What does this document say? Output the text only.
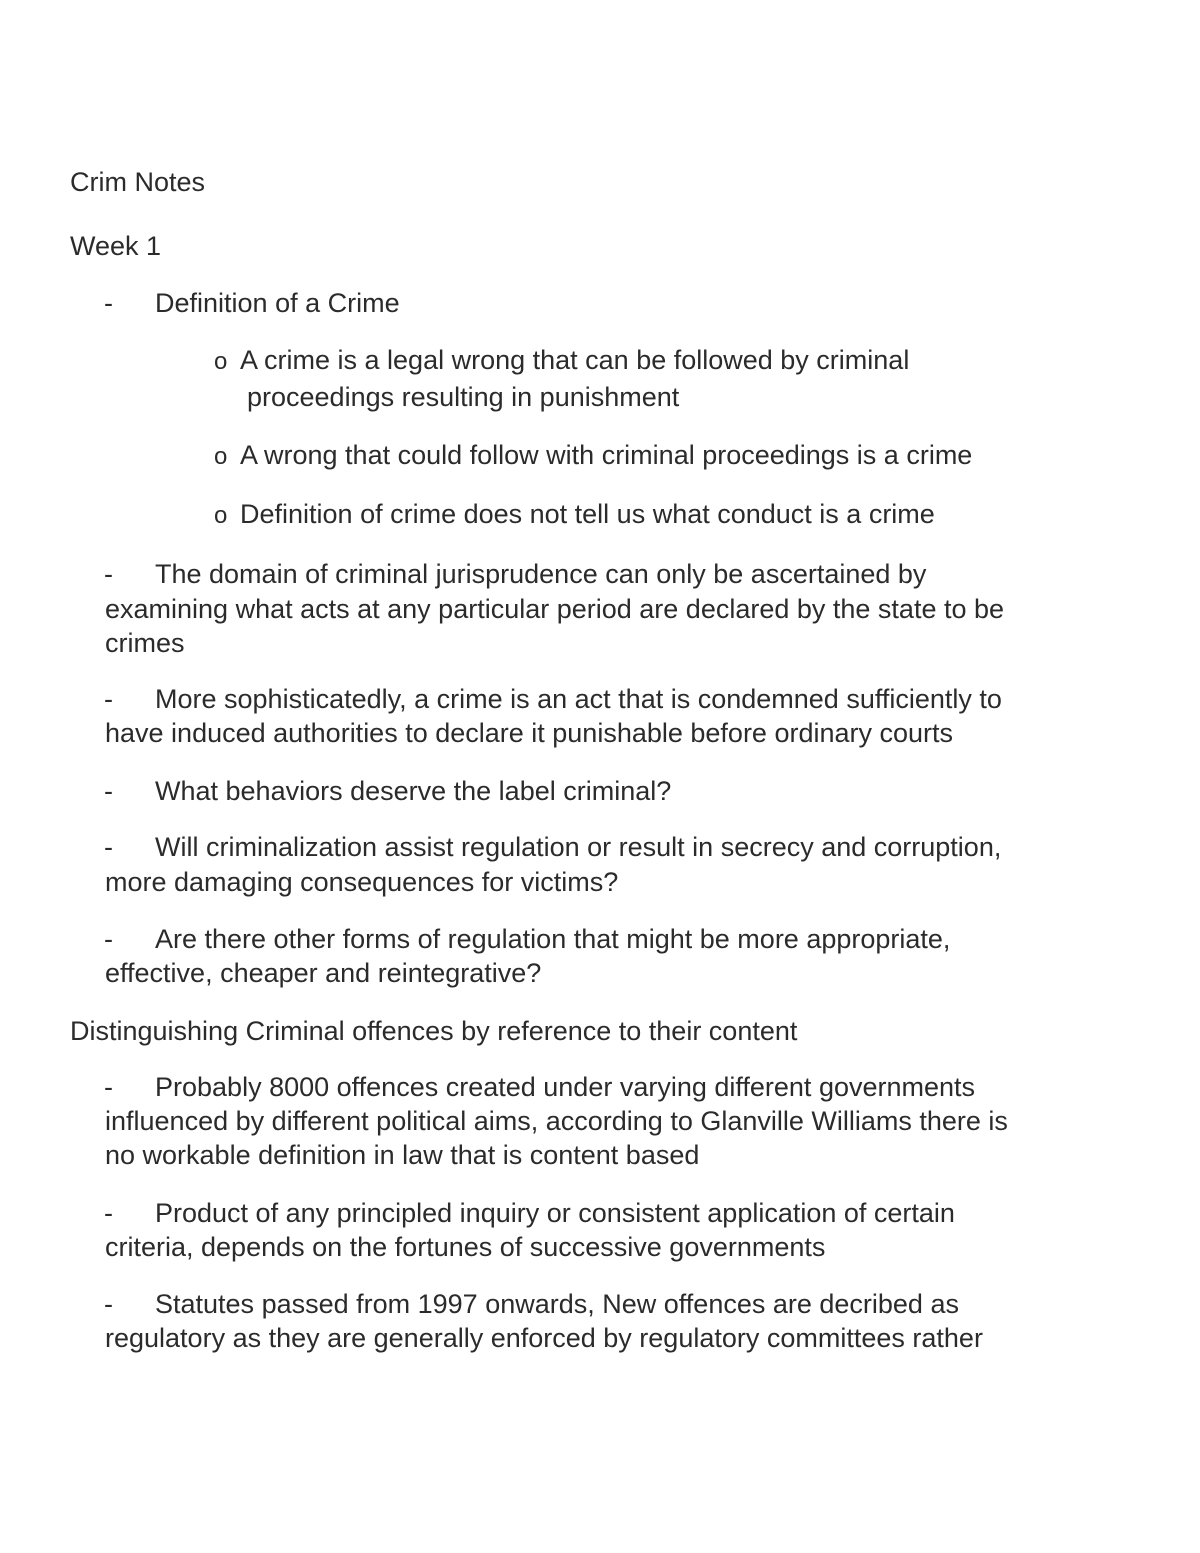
Crim Notes

Week 1

- Definition of a Crime

o A crime is a legal wrong that can be followed by criminal

proceedings resulting in punishment

o A wrong that could follow with criminal proceedings is a crime

o Definition of crime does not tell us what conduct is a crime

- The domain of criminal jurisprudence can only be ascertained by

examining what acts at any particular period are declared by the state to be

crimes

- More sophisticatedly, a crime is an act that is condemned sufficiently to

have induced authorities to declare it punishable before ordinary courts

- What behaviors deserve the label criminal?

- Will criminalization assist regulation or result in secrecy and corruption,

more damaging consequences for victims?

- Are there other forms of regulation that might be more appropriate,

effective, cheaper and reintegrative?

Distinguishing Criminal offences by reference to their content

- Probably 8000 offences created under varying different governments

influenced by different political aims, according to Glanville Williams there is

no workable definition in law that is content based

- Product of any principled inquiry or consistent application of certain

criteria, depends on the fortunes of successive governments

- Statutes passed from 1997 onwards, New offences are decribed as

regulatory as they are generally enforced by regulatory committees rather
